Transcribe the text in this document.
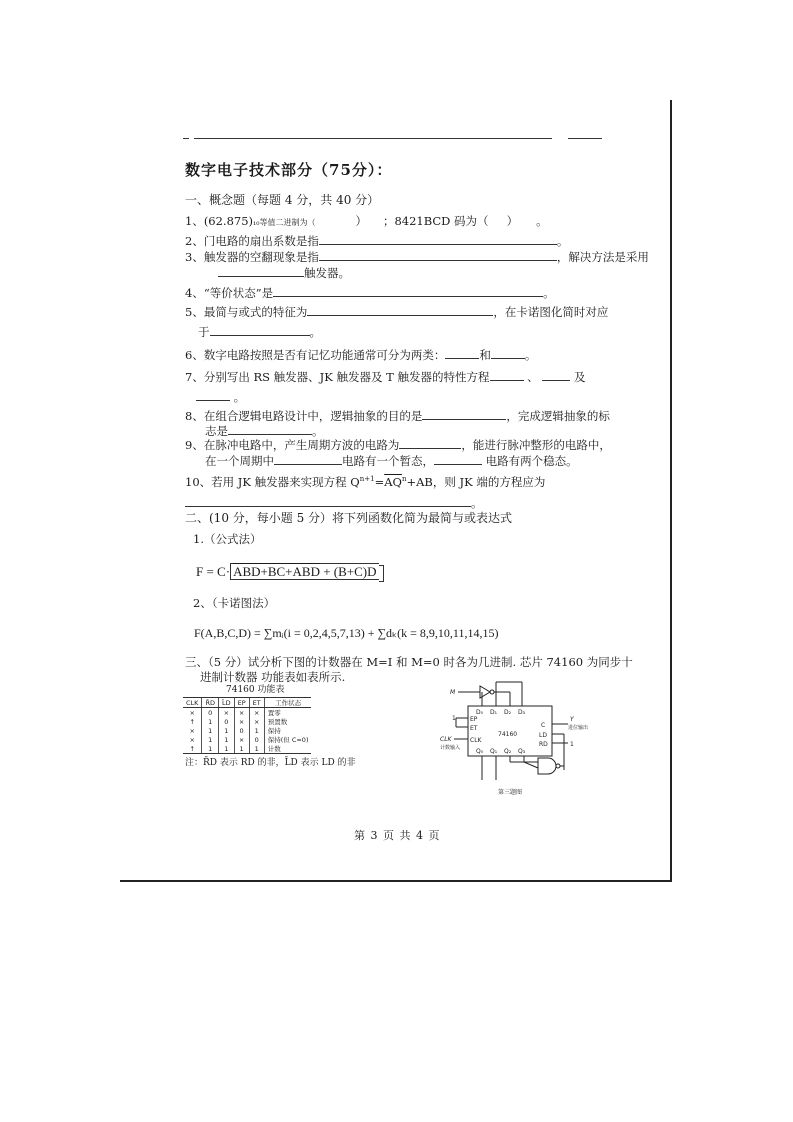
数字电子技术部分（75分）：
一、概念题（每题 4 分，共 40 分）
1、(62.875)₁₀等值二进制为（	） ；8421BCD 码为（ ） 。
2、门电路的扇出系数是指	。
3、触发器的空翻现象是指	，解决方法是采用
触发器。
4、“等价状态”是	。
5、最简与或式的特征为	，在卡诺图化简时对应
于	。
6、数字电路按照是否有记忆功能通常可分为两类：	和	。
7、分别写出 RS 触发器、JK 触发器及 T 触发器的特性方程	、	及
。
8、在组合逻辑电路设计中，逻辑抽象的目的是	，完成逻辑抽象的标
志是	。
9、在脉冲电路中，产生周期方波的电路为	，能进行脉冲整形的电路中，
在一个周期中	电路有一个暂态，	电路有两个稳态。
10、若用 JK 触发器来实现方程 $Q^{n+1}=\overline{AQ}^n+AB$，则 JK 端的方程应为
。
二、(10 分，每小题 5 分）将下列函数化简为最简与或表达式
1.（公式法）
F = C· ABD+BC+ABD + (B+C)D
2、（卡诺图法）
F(A,B,C,D) = ∑mᵢ(i = 0,2,4,5,7,13) + ∑dₖ(k = 8,9,10,11,14,15)
三、（5 分）试分析下图的计数器在 M=I 和 M=0 时各为几进制. 芯片 74160 为同步十
进制计数器 功能表如表所示.
74160 功能表
CLK	R̄D	L̄D	EP	ET	工作状态
×	0	×	×	×	置零
↑	1	0	×	×	预置数
×	1	1	0	1	保持
×	1	1	×	0	保持(但 C=0)
↑	1	1	1	1	计数
注：R̄D 表示 RD 的非，L̄D 表示 LD 的非
M
D₀ D₁ D₂ D₃
EP
ET
CLK
C
LD
RD
74160
Q₀ Q₁ Q₂ Q₃
1
1
CLK
计数输入
Y
进位输出
第三题图
第 3 页 共 4 页
